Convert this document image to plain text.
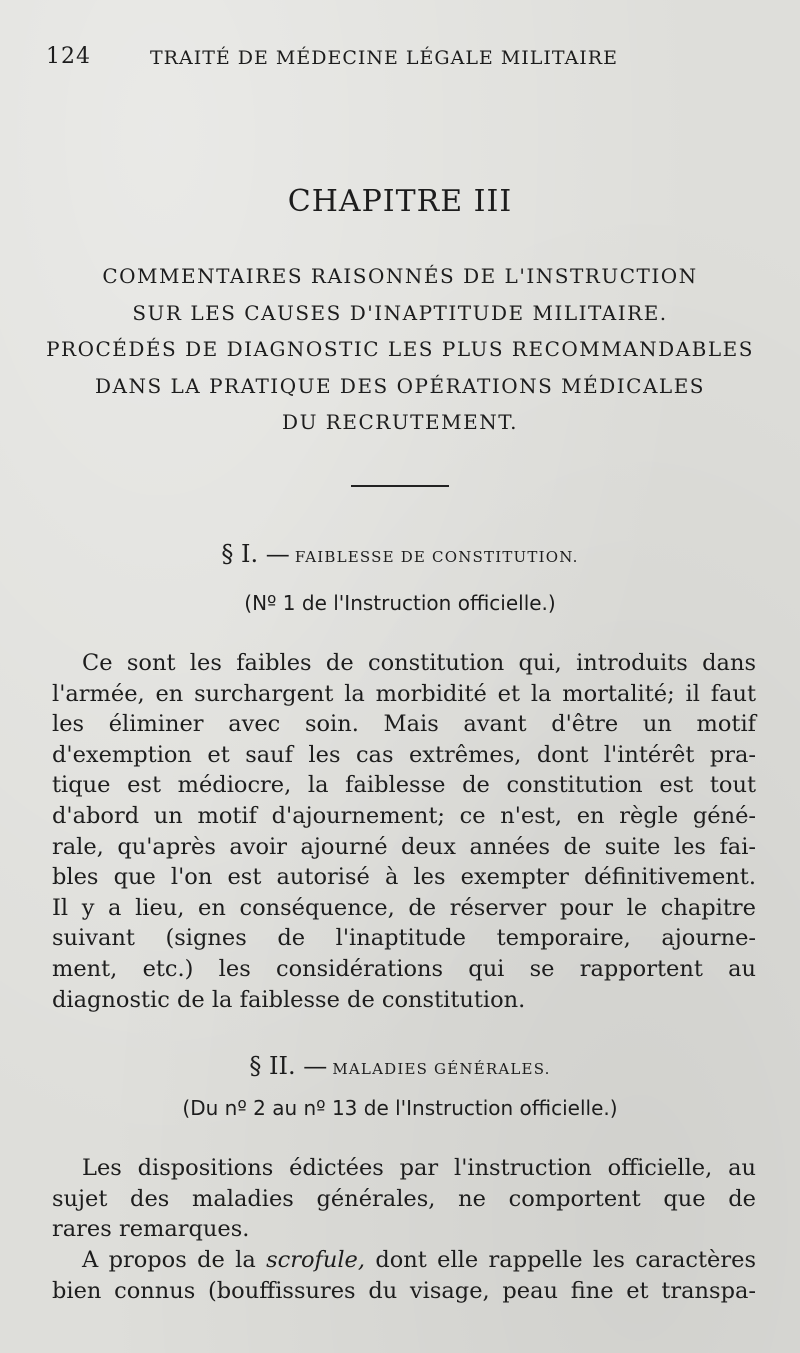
124	TRAITÉ DE MÉDECINE LÉGALE MILITAIRE
CHAPITRE III
COMMENTAIRES RAISONNÉS DE L'INSTRUCTION
SUR LES CAUSES D'INAPTITUDE MILITAIRE.
PROCÉDÉS DE DIAGNOSTIC LES PLUS RECOMMANDABLES
DANS LA PRATIQUE DES OPÉRATIONS MÉDICALES
DU RECRUTEMENT.
§ I. — FAIBLESSE DE CONSTITUTION.
(Nº 1 de l'Instruction officielle.)
Ce sont les faibles de constitution qui, introduits dans
l'armée, en surchargent la morbidité et la mortalité; il faut
les éliminer avec soin. Mais avant d'être un motif
d'exemption et sauf les cas extrêmes, dont l'intérêt pra-
tique est médiocre, la faiblesse de constitution est tout
d'abord un motif d'ajournement; ce n'est, en règle géné-
rale, qu'après avoir ajourné deux années de suite les fai-
bles que l'on est autorisé à les exempter définitivement.
Il y a lieu, en conséquence, de réserver pour le chapitre
suivant (signes de l'inaptitude temporaire, ajourne-
ment, etc.) les considérations qui se rapportent au
diagnostic de la faiblesse de constitution.
§ II. — MALADIES GÉNÉRALES.
(Du nº 2 au nº 13 de l'Instruction officielle.)
Les dispositions édictées par l'instruction officielle, au
sujet des maladies générales, ne comportent que de
rares remarques.
A propos de la scrofule, dont elle rappelle les caractères
bien connus (bouffissures du visage, peau fine et transpa-
